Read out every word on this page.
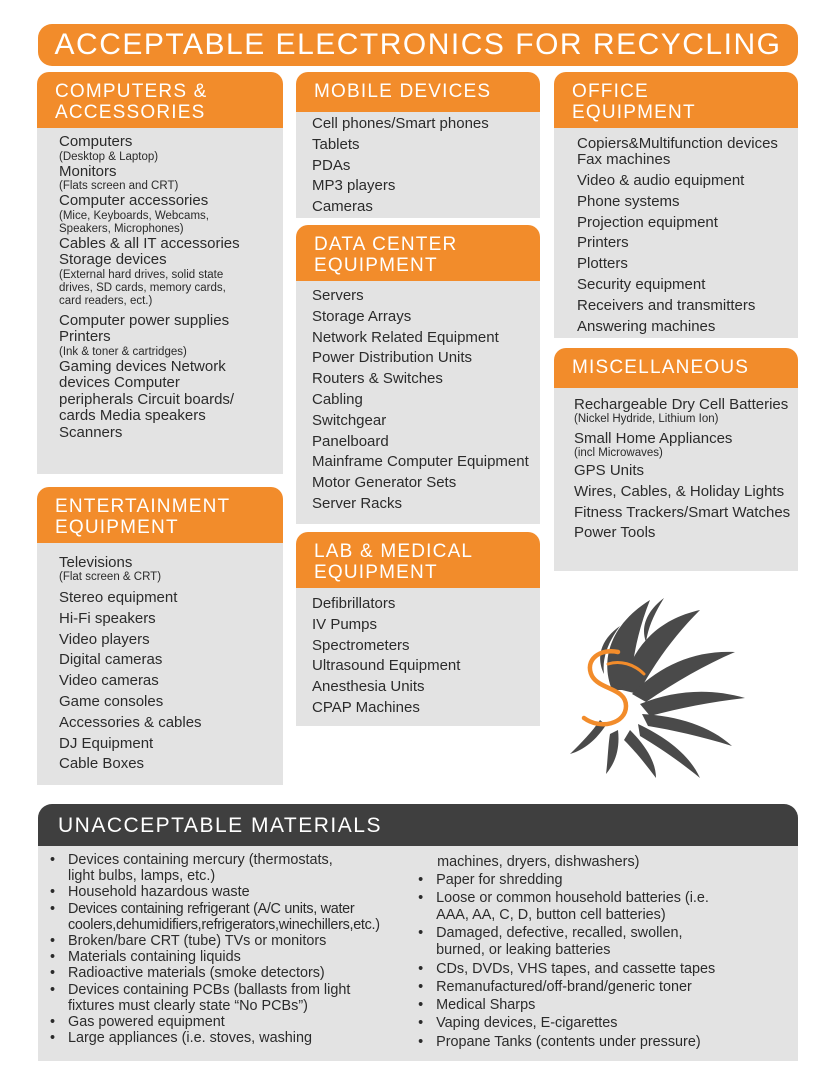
ACCEPTABLE ELECTRONICS FOR RECYCLING
COMPUTERS &
ACCESSORIES
Computers
(Desktop & Laptop)
Monitors
(Flats screen and CRT)
Computer accessories
(Mice, Keyboards, Webcams,
Speakers, Microphones)
Cables & all IT accessories
Storage devices
(External hard drives, solid state
drives, SD cards, memory cards,
card readers, ect.)
Computer power supplies
Printers
(Ink & toner & cartridges)
Gaming devices Network
devices Computer
peripherals Circuit boards/
cards Media speakers
Scanners
ENTERTAINMENT
EQUIPMENT
Televisions
(Flat screen & CRT)
Stereo equipment
Hi-Fi speakers
Video players
Digital cameras
Video cameras
Game consoles
Accessories & cables
DJ Equipment
Cable Boxes
MOBILE DEVICES
Cell phones/Smart phones
Tablets
PDAs
MP3 players
Cameras
DATA CENTER
EQUIPMENT
Servers
Storage Arrays
Network Related Equipment
Power Distribution Units
Routers & Switches
Cabling
Switchgear
Panelboard
Mainframe Computer Equipment
Motor Generator Sets
Server Racks
LAB & MEDICAL
EQUIPMENT
Defibrillators
IV Pumps
Spectrometers
Ultrasound Equipment
Anesthesia Units
CPAP Machines
OFFICE
EQUIPMENT
Copiers&Multifunction devices
Fax machines
Video & audio equipment
Phone systems
Projection equipment
Printers
Plotters
Security equipment
Receivers and transmitters
Answering machines
MISCELLANEOUS
Rechargeable Dry Cell Batteries
(Nickel Hydride, Lithium Ion)
Small Home Appliances
(incl Microwaves)
GPS Units
Wires, Cables, & Holiday Lights
Fitness Trackers/Smart Watches
Power Tools
UNACCEPTABLE MATERIALS
• Devices containing mercury (thermostats,
light bulbs, lamps, etc.)
• Household hazardous waste
• Devices containing refrigerant (A/C units, water
coolers,dehumidifiers,refrigerators,winechillers,etc.)
• Broken/bare CRT (tube) TVs or monitors
• Materials containing liquids
• Radioactive materials (smoke detectors)
• Devices containing PCBs (ballasts from light
fixtures must clearly state “No PCBs”)
• Gas powered equipment
• Large appliances (i.e. stoves, washing
machines, dryers, dishwashers)
• Paper for shredding
• Loose or common household batteries (i.e.
AAA, AA, C, D, button cell batteries)
• Damaged, defective, recalled, swollen,
burned, or leaking batteries
• CDs, DVDs, VHS tapes, and cassette tapes
• Remanufactured/off-brand/generic toner
• Medical Sharps
• Vaping devices, E-cigarettes
• Propane Tanks (contents under pressure)
